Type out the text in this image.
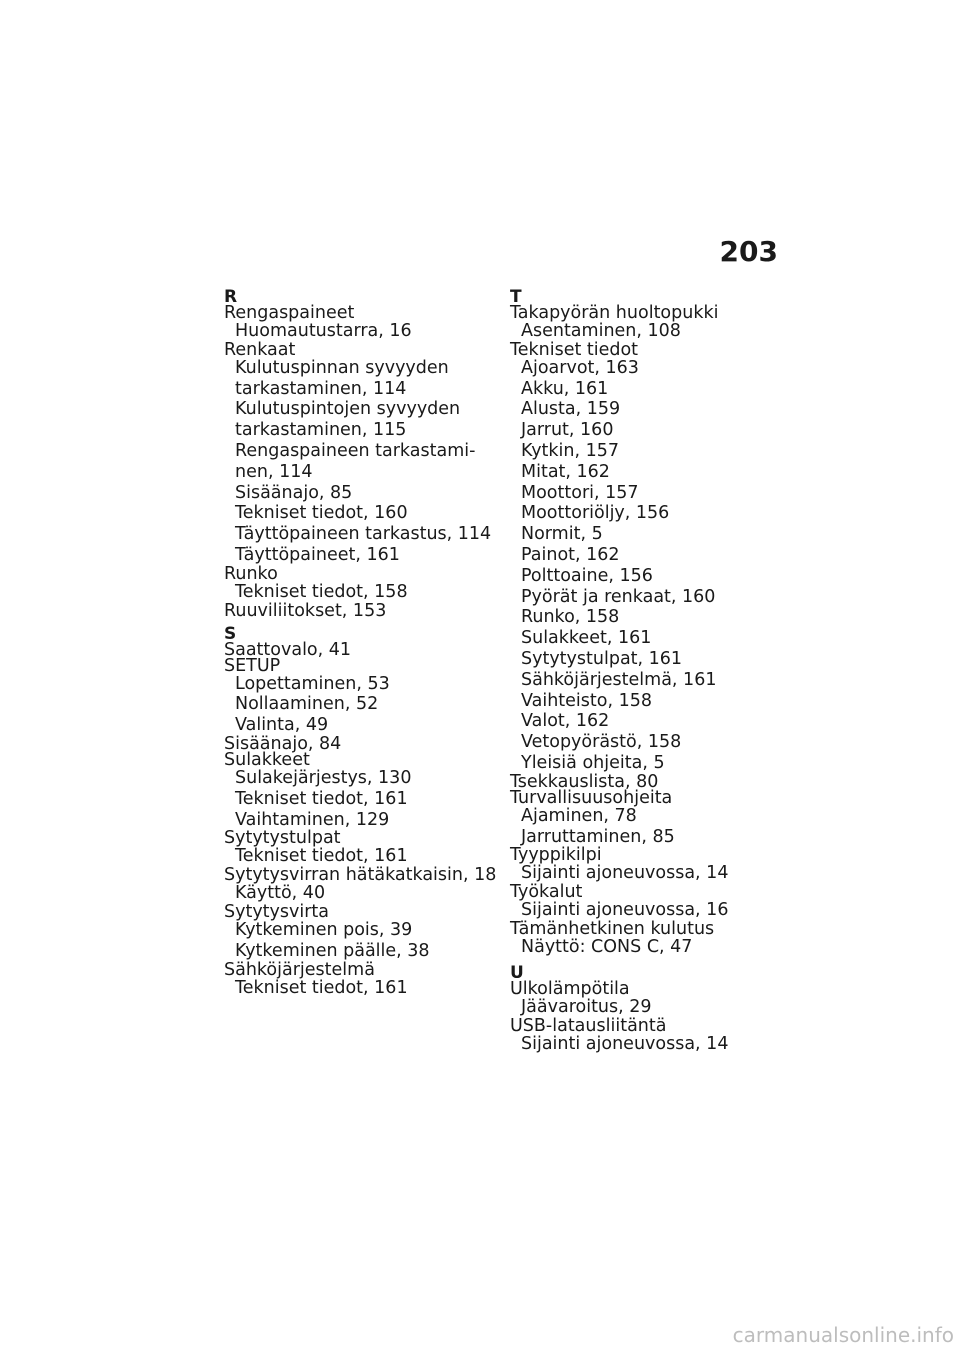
203
R
Rengaspaineet
Huomautustarra, 16
Renkaat
Kulutuspinnan syvyyden
tarkastaminen, 114
Kulutuspintojen syvyyden
tarkastaminen, 115
Rengaspaineen tarkastami-
nen, 114
Sisäänajo, 85
Tekniset tiedot, 160
Täyttöpaineen tarkastus, 114
Täyttöpaineet, 161
Runko
Tekniset tiedot, 158
Ruuviliitokset, 153
S
Saattovalo, 41
SETUP
Lopettaminen, 53
Nollaaminen, 52
Valinta, 49
Sisäänajo, 84
Sulakkeet
Sulakejärjestys, 130
Tekniset tiedot, 161
Vaihtaminen, 129
Sytytystulpat
Tekniset tiedot, 161
Sytytysvirran hätäkatkaisin, 18
Käyttö, 40
Sytytysvirta
Kytkeminen pois, 39
Kytkeminen päälle, 38
Sähköjärjestelmä
Tekniset tiedot, 161
T
Takapyörän huoltopukki
Asentaminen, 108
Tekniset tiedot
Ajoarvot, 163
Akku, 161
Alusta, 159
Jarrut, 160
Kytkin, 157
Mitat, 162
Moottori, 157
Moottoriöljy, 156
Normit, 5
Painot, 162
Polttoaine, 156
Pyörät ja renkaat, 160
Runko, 158
Sulakkeet, 161
Sytytystulpat, 161
Sähköjärjestelmä, 161
Vaihteisto, 158
Valot, 162
Vetopyörästö, 158
Yleisiä ohjeita, 5
Tsekkauslista, 80
Turvallisuusohjeita
Ajaminen, 78
Jarruttaminen, 85
Tyyppikilpi
Sijainti ajoneuvossa, 14
Työkalut
Sijainti ajoneuvossa, 16
Tämänhetkinen kulutus
Näyttö: CONS C, 47
U
Ulkolämpötila
Jäävaroitus, 29
USB-latausliitäntä
Sijainti ajoneuvossa, 14
carmanualsonline.info
